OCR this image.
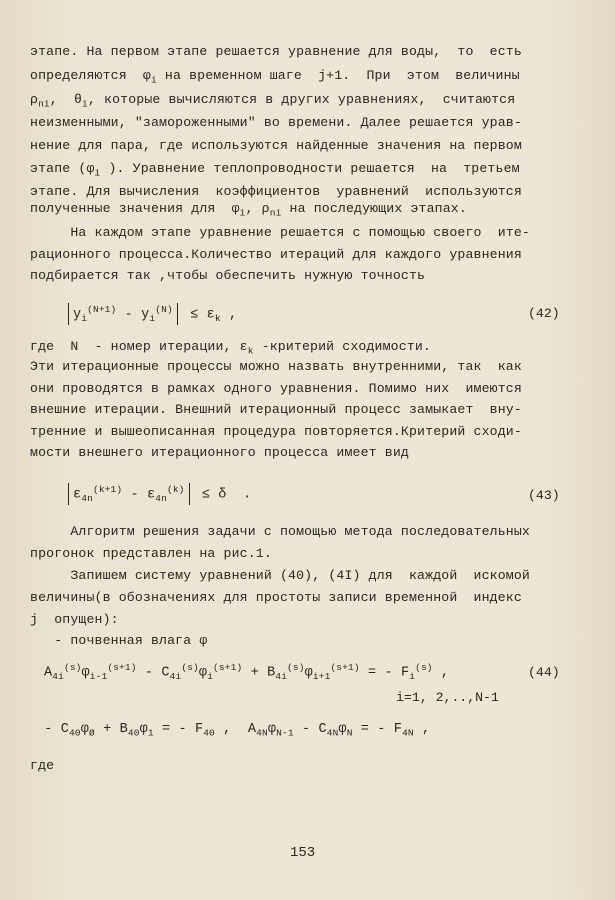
этапе. На первом этапе решается уравнение для воды,  то  есть
определяются  $\varphi_i$ на временном шаге  j+1.  При  этом  величины
$\rho_{ni}$,  $\theta_i$, которые вычисляются в других уравнениях,  считаются
неизменными, "замороженными" во времени. Далее решается урав-
нение для пара, где используются найденные значения на первом
этапе ($\varphi_i$ ). Уравнение теплопроводности решается  на  третьем
этапе. Для вычисления  коэффициентов  уравнений  используются
полученные значения для  $\varphi_i$, $\rho_{ni}$ на последующих этапах.
На каждом этапе уравнение решается с помощью своего  ите-
рационного процесса.Количество итераций для каждого уравнения
подбирается так ,чтобы обеспечить нужную точность
$y_i^{(N+1)} - y_i^{(N)} \le \varepsilon_k$ ,	(42)
где  N  - номер итерации, $\varepsilon_k$ -критерий сходимости.
Эти итерационные процессы можно назвать внутренними, так  как
они проводятся в рамках одного уравнения. Помимо них  имеются
внешние итерации. Внешний итерационный процесс замыкает  вну-
тренние и вышеописанная процедура повторяется.Критерий сходи-
мости внешнего итерационного процесса имеет вид
$\varepsilon_{4n}^{(k+1)} - \varepsilon_{4n}^{(k)} \le \delta$  .	(43)
Алгоритм решения задачи с помощью метода последовательных
прогонок представлен на рис.1.
Запишем систему уравнений (40), (4I) для  каждой  искомой
величины(в обозначениях для простоты записи временной  индекс
j  опущен):
- почвенная влага φ
$A_{4i}^{(s)}\varphi_{i-1}^{(s+1)} - C_{4i}^{(s)}\varphi_i^{(s+1)} + B_{4i}^{(s)}\varphi_{i+1}^{(s+1)}$ = - $F_i^{(s)}$ ,	(44)
i=1, 2,..,N-1
- $C_{40}\varphi_Ø + B_{40}\varphi_1$ = - $F_{40}$ ,  $A_{4N}\varphi_{N-1} - C_{4N}\varphi_N$ = - $F_{4N}$ ,
где
153
